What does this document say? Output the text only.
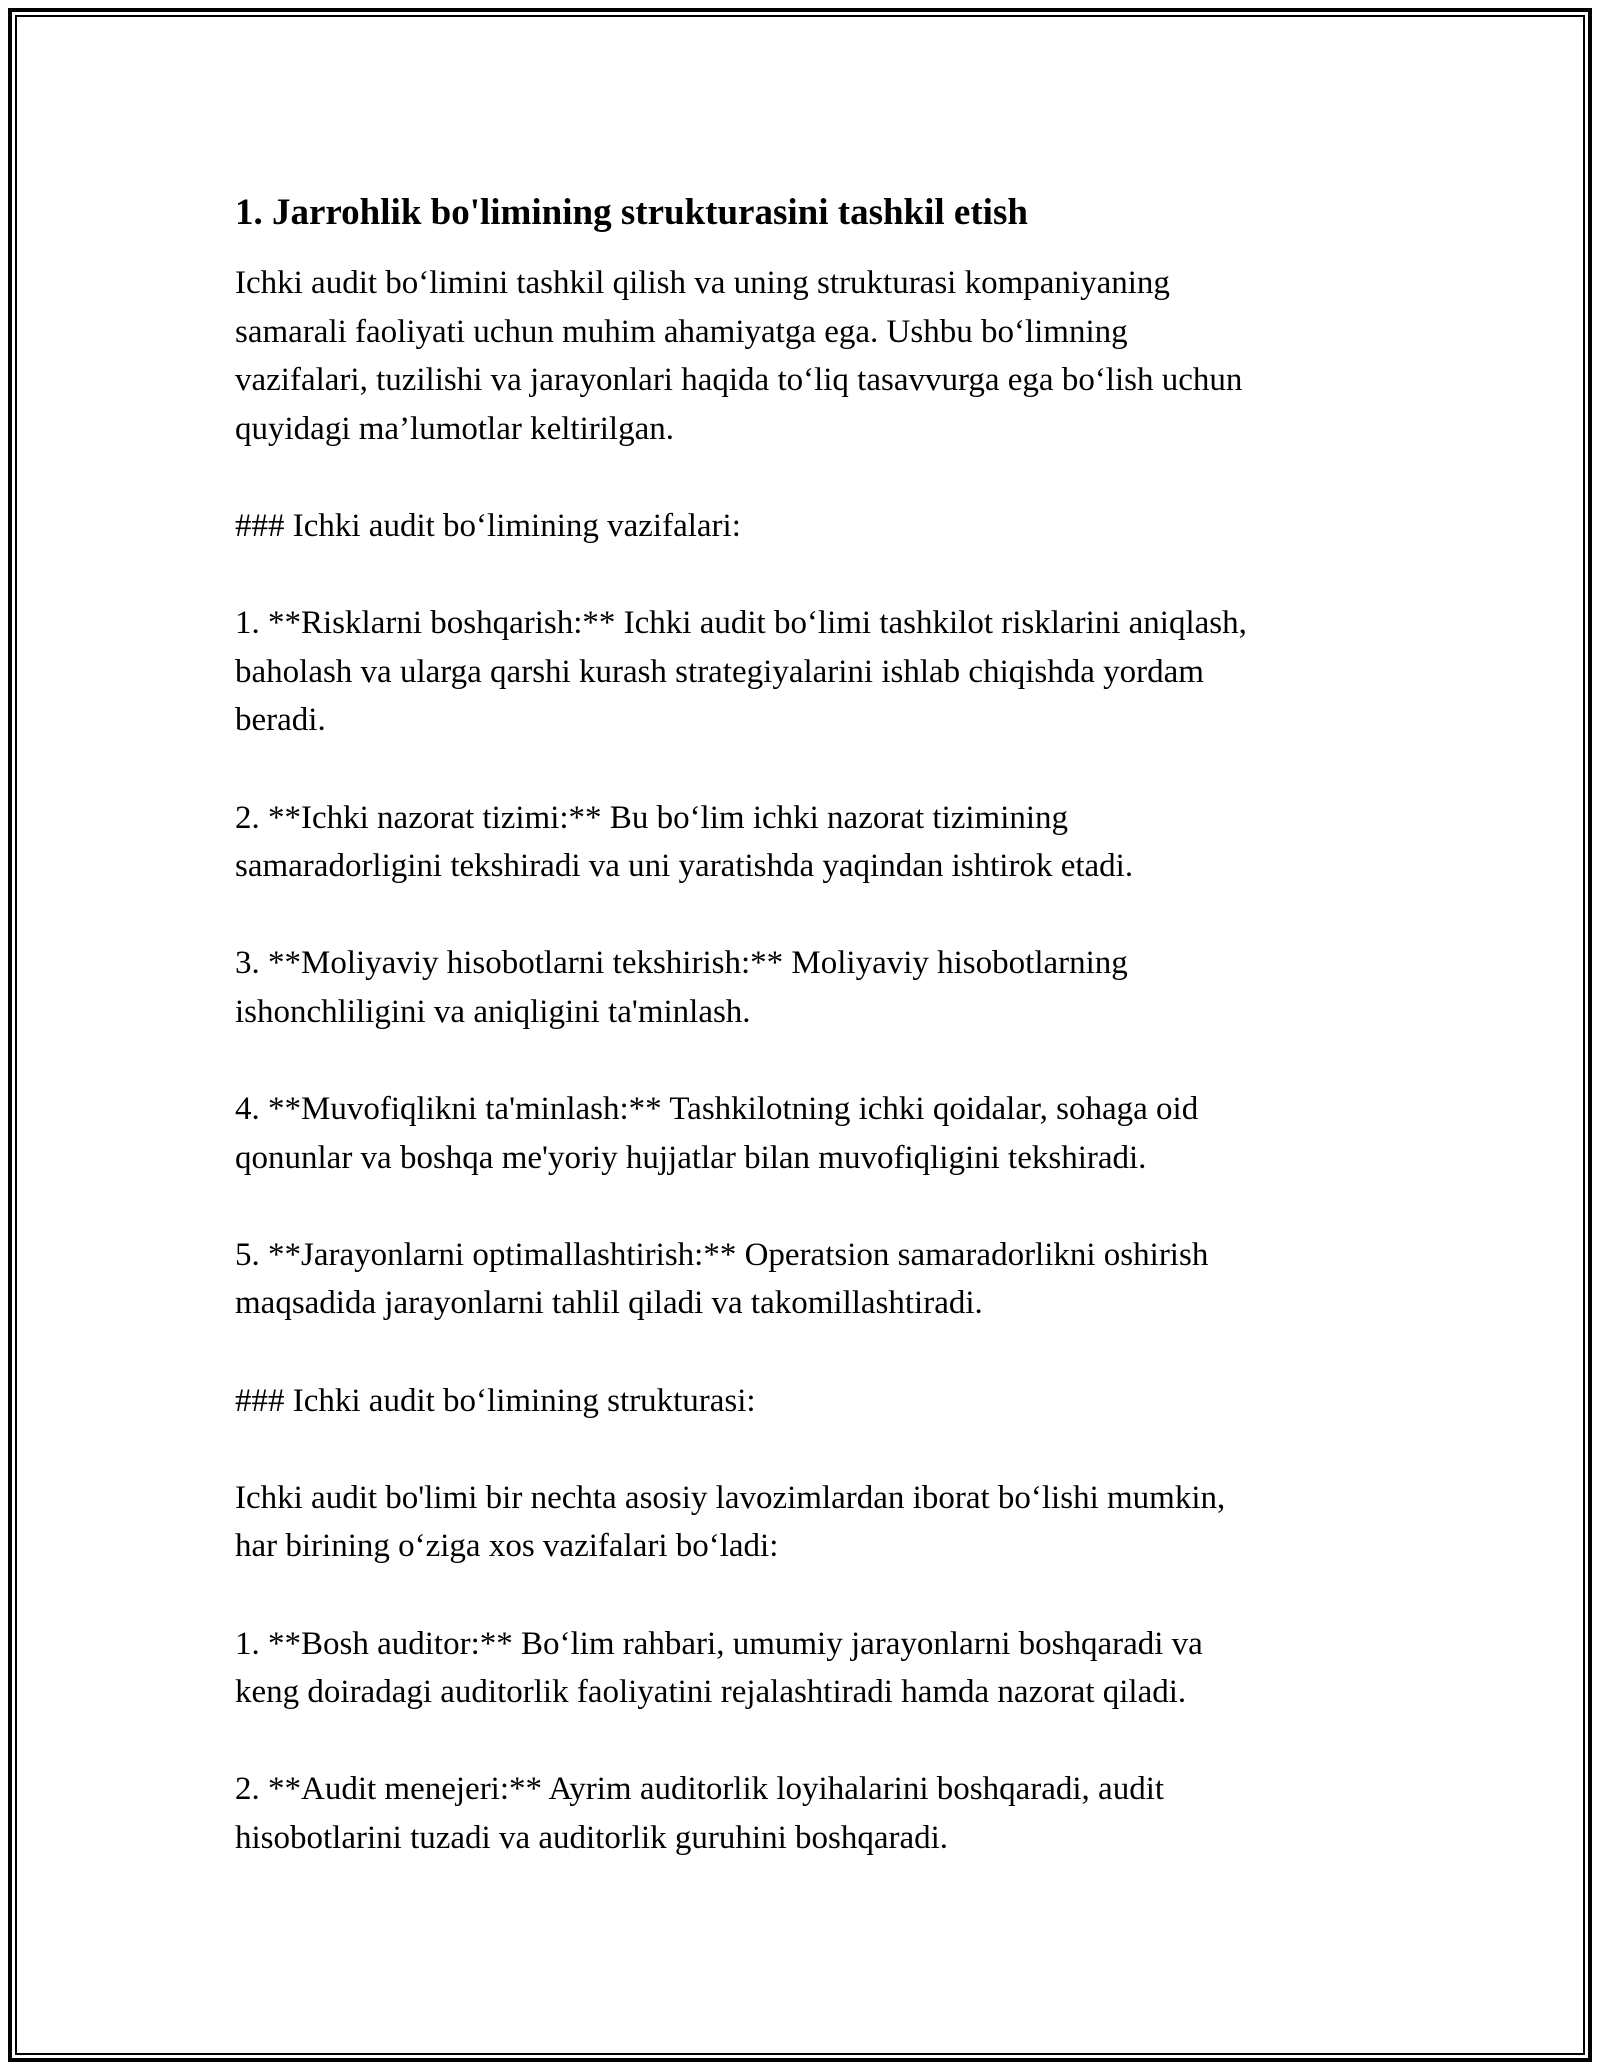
1. Jarrohlik bo'limining strukturasini tashkil etish

Ichki audit bo‘limini tashkil qilish va uning strukturasi kompaniyaning
samarali faoliyati uchun muhim ahamiyatga ega. Ushbu bo‘limning
vazifalari, tuzilishi va jarayonlari haqida to‘liq tasavvurga ega bo‘lish uchun
quyidagi ma’lumotlar keltirilgan.

### Ichki audit bo‘limining vazifalari:

1. **Risklarni boshqarish:** Ichki audit bo‘limi tashkilot risklarini aniqlash,
baholash va ularga qarshi kurash strategiyalarini ishlab chiqishda yordam
beradi.

2. **Ichki nazorat tizimi:** Bu bo‘lim ichki nazorat tizimining
samaradorligini tekshiradi va uni yaratishda yaqindan ishtirok etadi.

3. **Moliyaviy hisobotlarni tekshirish:** Moliyaviy hisobotlarning
ishonchliligini va aniqligini ta'minlash.

4. **Muvofiqlikni ta'minlash:** Tashkilotning ichki qoidalar, sohaga oid
qonunlar va boshqa me'yoriy hujjatlar bilan muvofiqligini tekshiradi.

5. **Jarayonlarni optimallashtirish:** Operatsion samaradorlikni oshirish
maqsadida jarayonlarni tahlil qiladi va takomillashtiradi.

### Ichki audit bo‘limining strukturasi:

Ichki audit bo'limi bir nechta asosiy lavozimlardan iborat bo‘lishi mumkin,
har birining o‘ziga xos vazifalari bo‘ladi:

1. **Bosh auditor:** Bo‘lim rahbari, umumiy jarayonlarni boshqaradi va
keng doiradagi auditorlik faoliyatini rejalashtiradi hamda nazorat qiladi.

2. **Audit menejeri:** Ayrim auditorlik loyihalarini boshqaradi, audit
hisobotlarini tuzadi va auditorlik guruhini boshqaradi.
